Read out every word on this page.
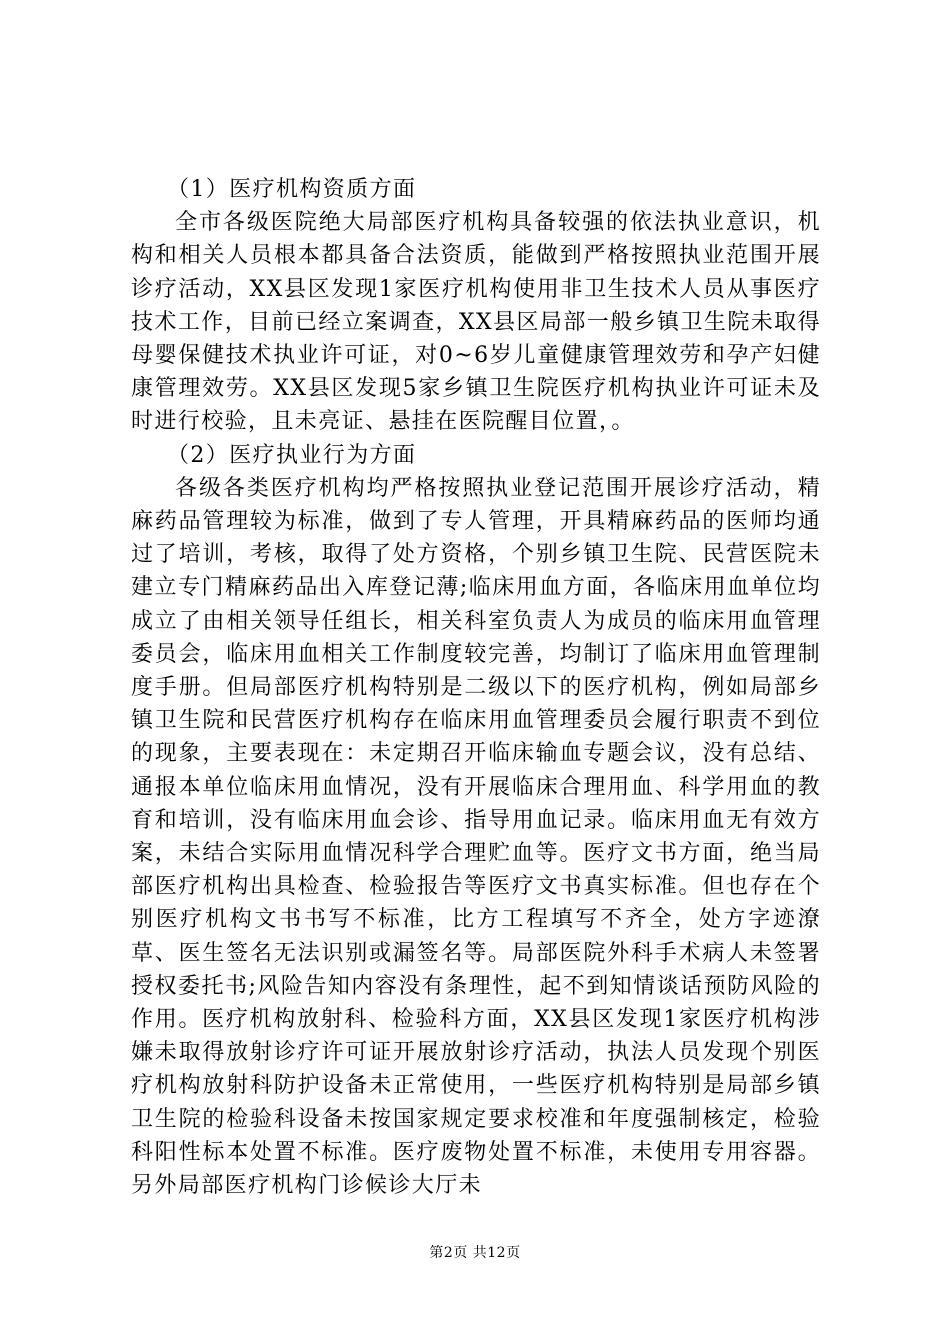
（1）医疗机构资质方面

全市各级医院绝大局部医疗机构具备较强的依法执业意识，机构和相关人员根本都具备合法资质，能做到严格按照执业范围开展诊疗活动，XX县区发现1家医疗机构使用非卫生技术人员从事医疗技术工作，目前已经立案调查，XX县区局部一般乡镇卫生院未取得母婴保健技术执业许可证，对0~6岁儿童健康管理效劳和孕产妇健康管理效劳。XX县区发现5家乡镇卫生院医疗机构执业许可证未及时进行校验，且未亮证、悬挂在医院醒目位置，。

（2）医疗执业行为方面

各级各类医疗机构均严格按照执业登记范围开展诊疗活动，精麻药品管理较为标准，做到了专人管理，开具精麻药品的医师均通过了培训，考核，取得了处方资格，个别乡镇卫生院、民营医院未建立专门精麻药品出入库登记薄;临床用血方面，各临床用血单位均成立了由相关领导任组长，相关科室负责人为成员的临床用血管理委员会，临床用血相关工作制度较完善，均制订了临床用血管理制度手册。但局部医疗机构特别是二级以下的医疗机构，例如局部乡镇卫生院和民营医疗机构存在临床用血管理委员会履行职责不到位的现象，主要表现在：未定期召开临床输血专题会议，没有总结、通报本单位临床用血情况，没有开展临床合理用血、科学用血的教育和培训，没有临床用血会诊、指导用血记录。临床用血无有效方案，未结合实际用血情况科学合理贮血等。医疗文书方面，绝当局部医疗机构出具检查、检验报告等医疗文书真实标准。但也存在个别医疗机构文书书写不标准，比方工程填写不齐全，处方字迹潦草、医生签名无法识别或漏签名等。局部医院外科手术病人未签署授权委托书;风险告知内容没有条理性，起不到知情谈话预防风险的作用。医疗机构放射科、检验科方面，XX县区发现1家医疗机构涉嫌未取得放射诊疗许可证开展放射诊疗活动，执法人员发现个别医疗机构放射科防护设备未正常使用，一些医疗机构特别是局部乡镇卫生院的检验科设备未按国家规定要求校准和年度强制核定，检验科阳性标本处置不标准。医疗废物处置不标准，未使用专用容器。另外局部医疗机构门诊候诊大厅未

第2页 共12页
